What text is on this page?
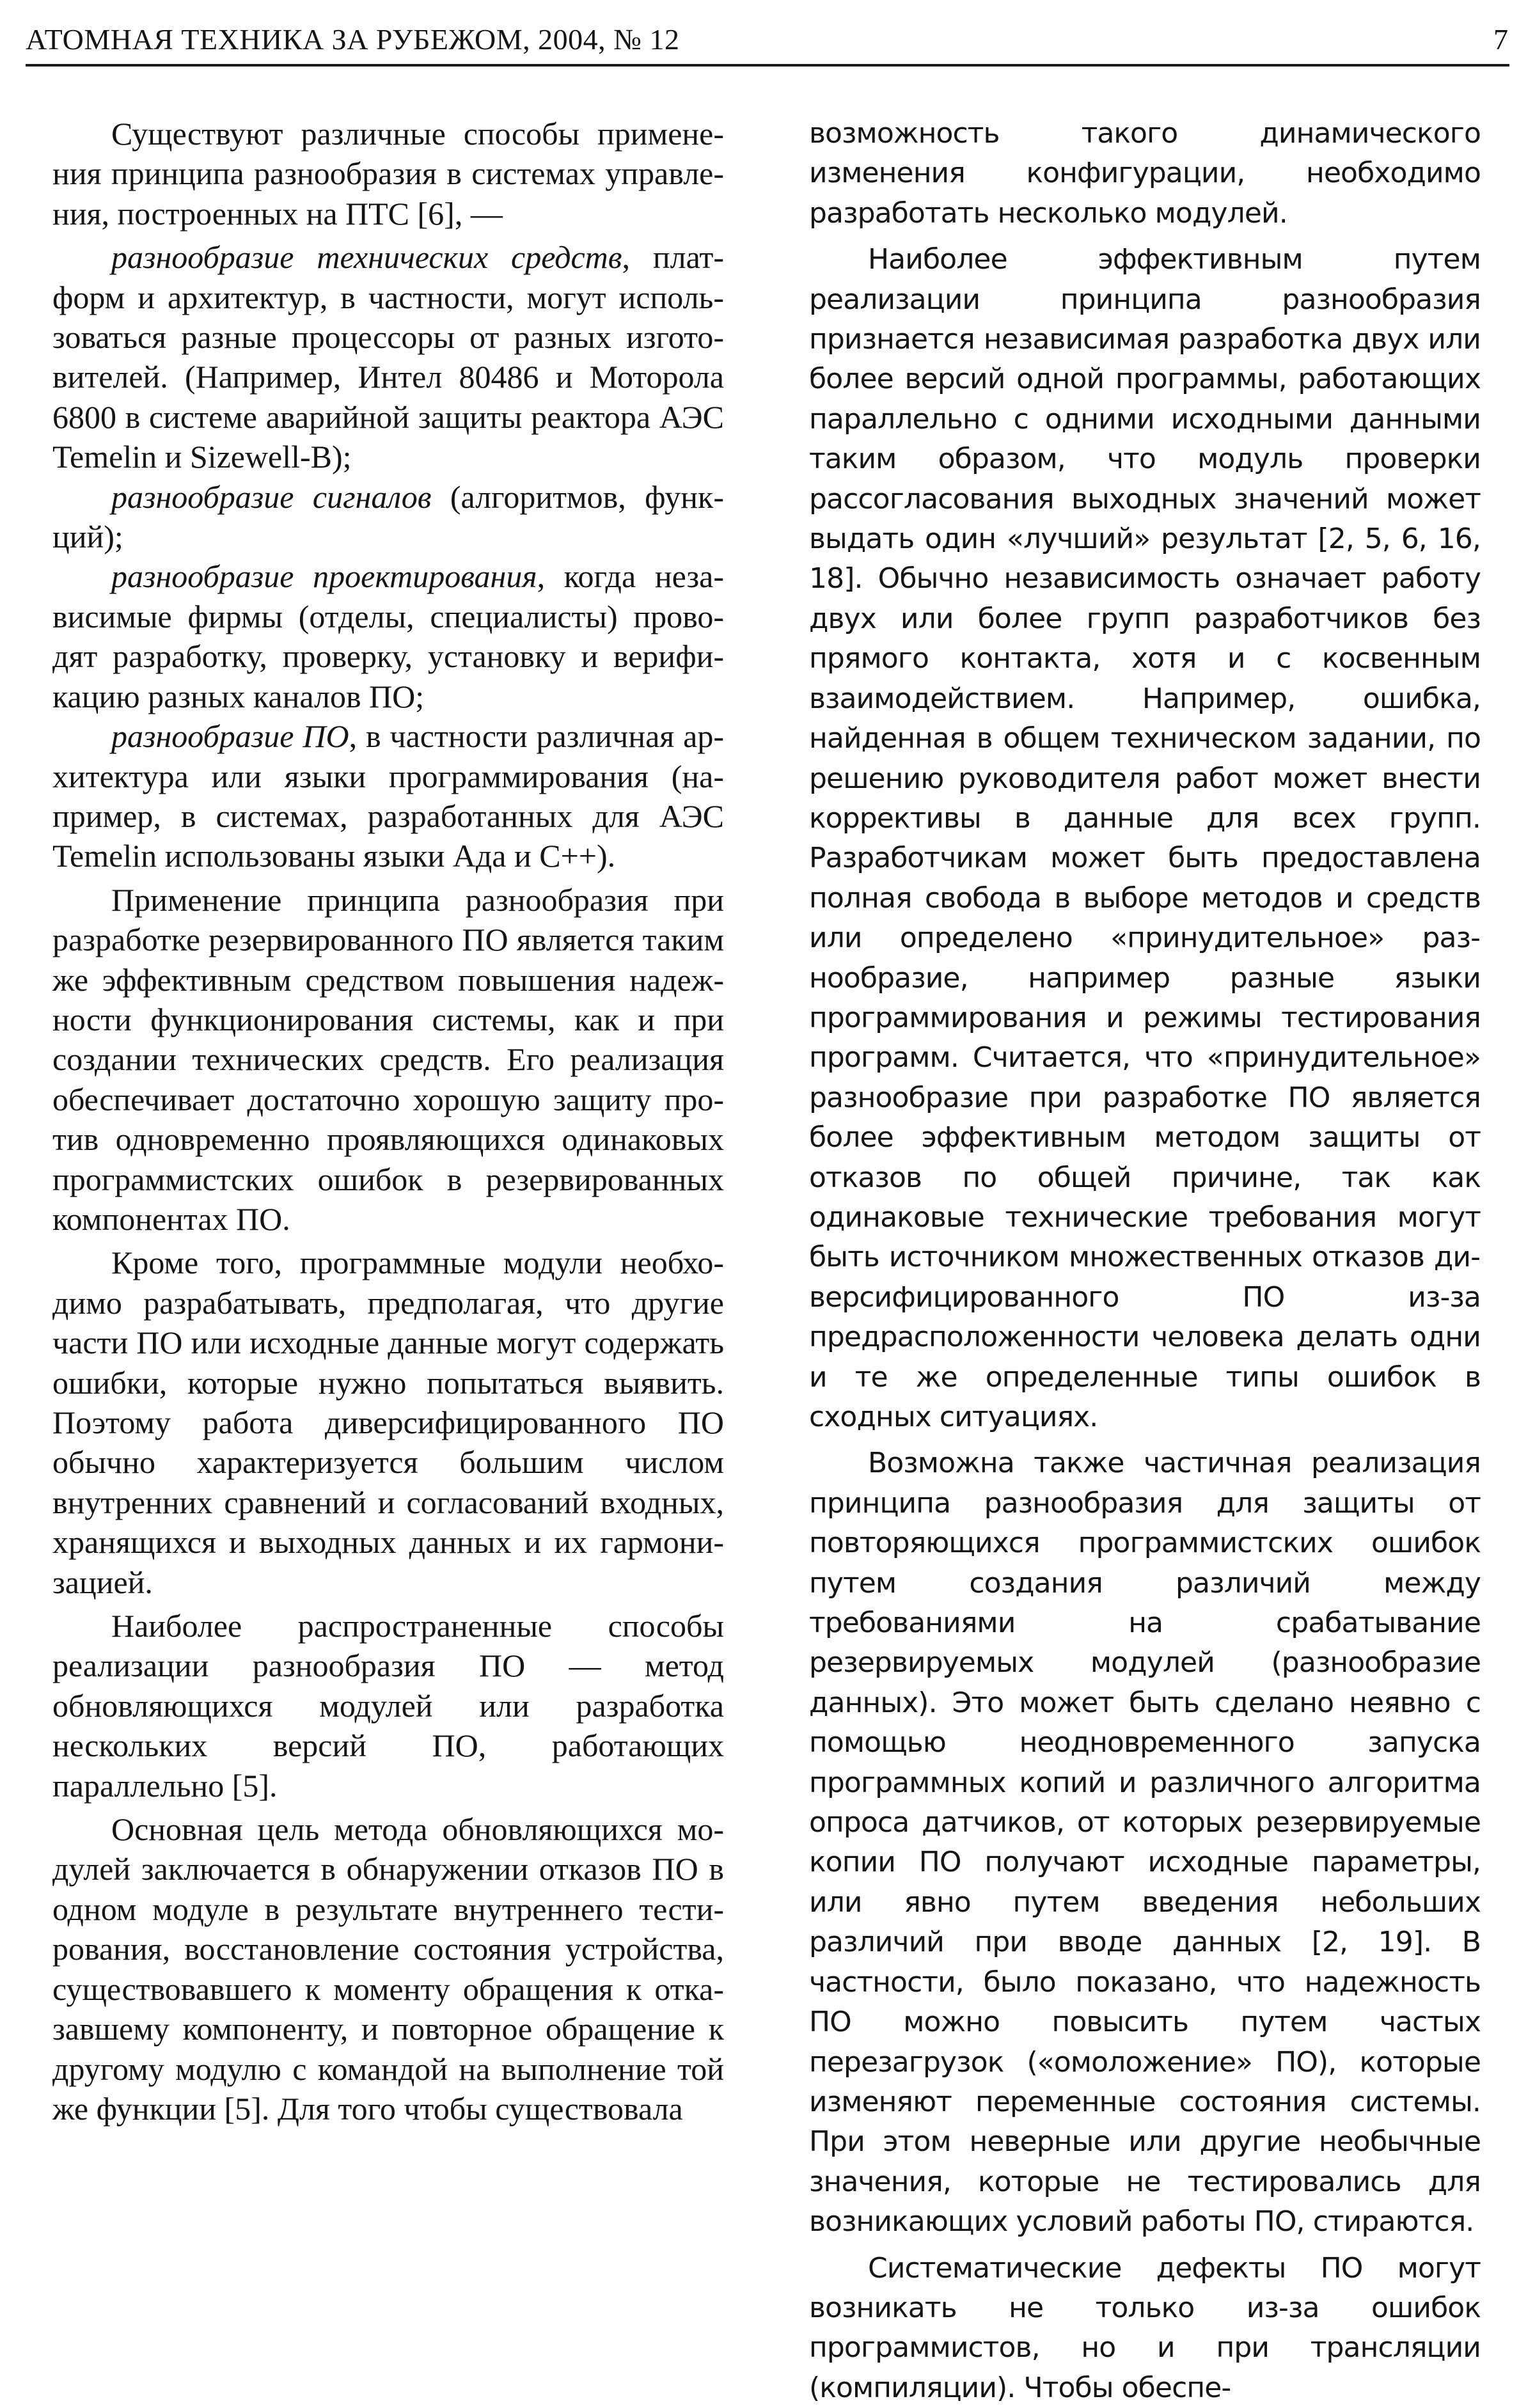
АТОМНАЯ ТЕХНИКА ЗА РУБЕЖОМ, 2004, № 12	7

Существуют различные способы применения принципа разнообразия в системах управления, построенных на ПТС [6], —

разнообразие технических средств, платформ и архитектур, в частности, могут использоваться разные процессоры от разных изготовителей. (Например, Интел 80486 и Моторола 6800 в системе аварийной защиты реактора АЭС Temelin и Sizewell-B);

разнообразие сигналов (алгоритмов, функций);

разнообразие проектирования, когда независимые фирмы (отделы, специалисты) проводят разработку, проверку, установку и верификацию разных каналов ПО;

разнообразие ПО, в частности различная архитектура или языки программирования (например, в системах, разработанных для АЭС Temelin использованы языки Ада и С++).

Применение принципа разнообразия при разработке резервированного ПО является таким же эффективным средством повышения надежности функционирования системы, как и при создании технических средств. Его реализация обеспечивает достаточно хорошую защиту против одновременно проявляющихся одинаковых программистских ошибок в резервированных компонентах ПО.

Кроме того, программные модули необходимо разрабатывать, предполагая, что другие части ПО или исходные данные могут содержать ошибки, которые нужно попытаться выявить. Поэтому работа диверсифицированного ПО обычно характеризуется большим числом внутренних сравнений и согласований входных, хранящихся и выходных данных и их гармонизацией.

Наиболее распространенные способы реализации разнообразия ПО — метод обновляющихся модулей или разработка нескольких версий ПО, работающих параллельно [5].

Основная цель метода обновляющихся модулей заключается в обнаружении отказов ПО в одном модуле в результате внутреннего тестирования, восстановление состояния устройства, существовавшего к моменту обращения к отказавшему компоненту, и повторное обращение к другому модулю с командой на выполнение той же функции [5]. Для того чтобы существовала

возможность такого динамического изменения конфигурации, необходимо разработать несколько модулей.

Наиболее эффективным путем реализации принципа разнообразия признается независимая разработка двух или более версий одной программы, работающих параллельно с одними исходными данными таким образом, что модуль проверки рассогласования выходных значений может выдать один «лучший» результат [2, 5, 6, 16, 18]. Обычно независимость означает работу двух или более групп разработчиков без прямого контакта, хотя и с косвенным взаимодействием. Например, ошибка, найденная в общем техническом задании, по решению руководителя работ может внести коррективы в данные для всех групп. Разработчикам может быть предоставлена полная свобода в выборе методов и средств или определено «принудительное» разнообразие, например разные языки программирования и режимы тестирования программ. Считается, что «принудительное» разнообразие при разработке ПО является более эффективным методом защиты от отказов по общей причине, так как одинаковые технические требования могут быть источником множественных отказов диверсифицированного ПО из-за предрасположенности человека делать одни и те же определенные типы ошибок в сходных ситуациях.

Возможна также частичная реализация принципа разнообразия для защиты от повторяющихся программистских ошибок путем создания различий между требованиями на срабатывание резервируемых модулей (разнообразие данных). Это может быть сделано неявно с помощью неодновременного запуска программных копий и различного алгоритма опроса датчиков, от которых резервируемые копии ПО получают исходные параметры, или явно путем введения небольших различий при вводе данных [2, 19]. В частности, было показано, что надежность ПО можно повысить путем частых перезагрузок («омоложение» ПО), которые изменяют переменные состояния системы. При этом неверные или другие необычные значения, которые не тестировались для возникающих условий работы ПО, стираются.

Систематические дефекты ПО могут возникать не только из-за ошибок программистов, но и при трансляции (компиляции). Чтобы обеспе-
